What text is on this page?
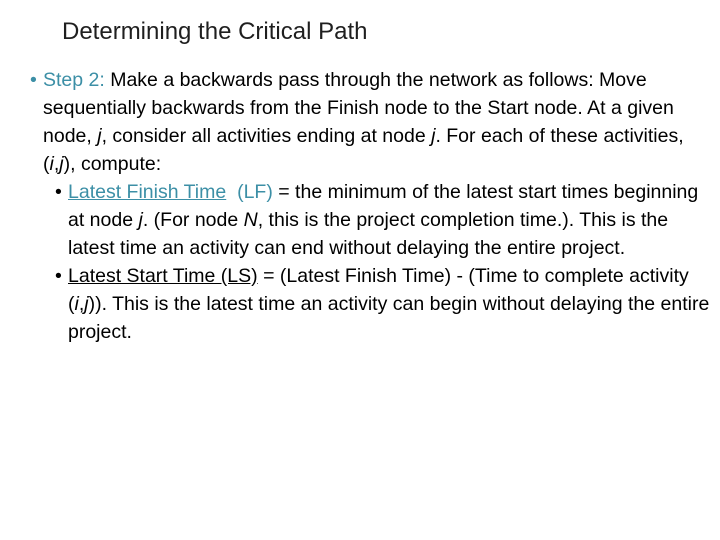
Determining the Critical Path
• Step 2: Make a backwards pass through the network as follows: Move sequentially backwards from the Finish node to the Start node. At a given node, j, consider all activities ending at node j. For each of these activities, (i,j), compute:
• Latest Finish Time (LF) = the minimum of the latest start times beginning at node j. (For node N, this is the project completion time.). This is the latest time an activity can end without delaying the entire project.
• Latest Start Time (LS) = (Latest Finish Time) - (Time to complete activity (i,j)). This is the latest time an activity can begin without delaying the entire project.
